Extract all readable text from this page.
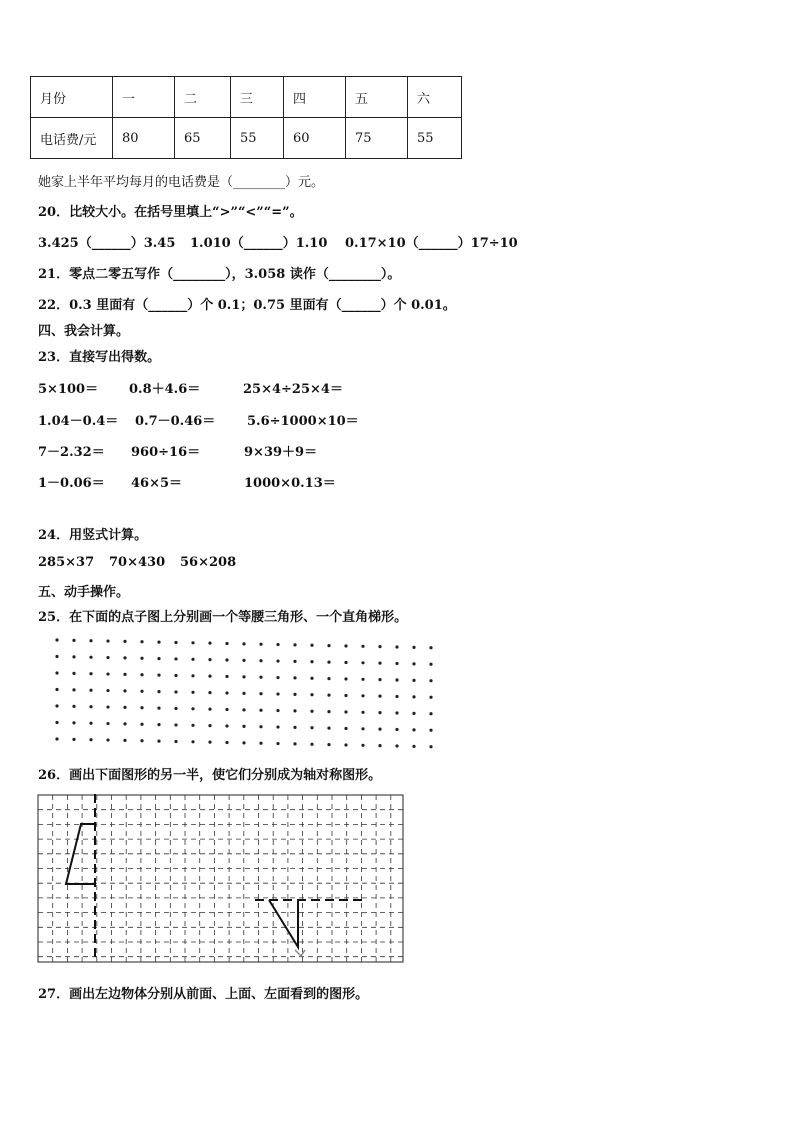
月份	一	二	三	四	五	六
电话费/元	80	65	55	60	75	55
她家上半年平均每月的电话费是（________）元。
20．比较大小。在括号里填上“>”“<”“=”。
3.425（______）3.45 1.010（______）1.10 0.17×10（______）17÷10
21．零点二零五写作（________），3.058 读作（________）。
22．0.3 里面有（______）个 0.1；0.75 里面有（______）个 0.01。
四、我会计算。
23．直接写出得数。
5×100＝ 0.8＋4.6＝	25×4÷25×4＝
1.04－0.4＝ 0.7－0.46＝ 5.6÷1000×10＝
7－2.32＝ 960÷16＝	9×39＋9＝
1－0.06＝ 46×5＝	1000×0.13＝
24．用竖式计算。
285×37 70×430 56×208
五、动手操作。
25．在下面的点子图上分别画一个等腰三角形、一个直角梯形。
26．画出下面图形的另一半，使它们分别成为轴对称图形。
27．画出左边物体分别从前面、上面、左面看到的图形。
